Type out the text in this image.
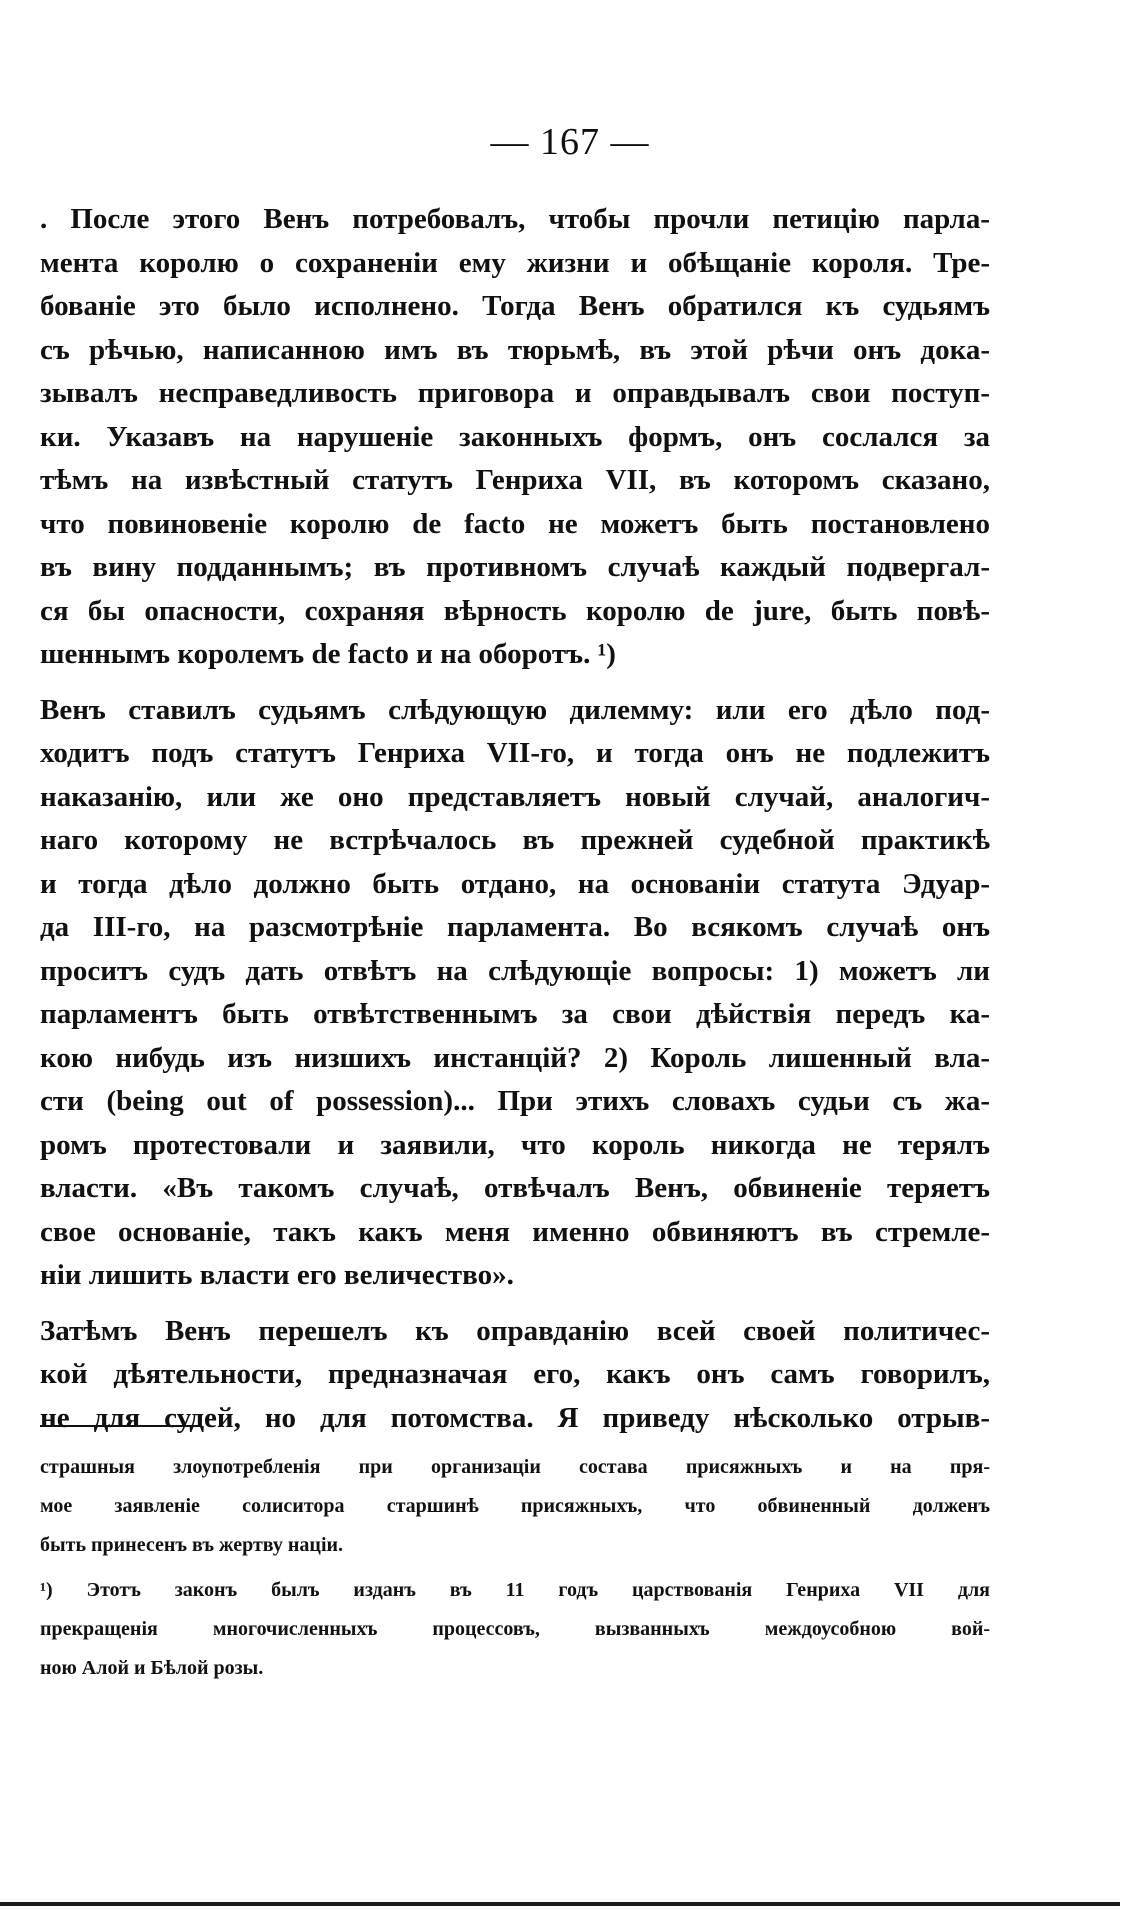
— 167 —
. После этого Венъ потребовалъ, чтобы прочли петицію парла-
мента королю о сохраненіи ему жизни и обѣщаніе короля. Тре-
бованіе это было исполнено. Тогда Венъ обратился къ судьямъ
съ рѣчью, написанною имъ въ тюрьмѣ, въ этой рѣчи онъ дока-
зывалъ несправедливость приговора и оправдывалъ свои поступ-
ки. Указавъ на нарушеніе законныхъ формъ, онъ сослался за
тѣмъ на извѣстный статутъ Генриха VII, въ которомъ сказано,
что повиновеніе королю de facto не можетъ быть постановлено
въ вину подданнымъ; въ противномъ случаѣ каждый подвергал-
ся бы опасности, сохраняя вѣрность королю de jure, быть повѣ-
шеннымъ королемъ de facto и на оборотъ. ¹)
Венъ ставилъ судьямъ слѣдующую дилемму: или его дѣло под-
ходитъ подъ статутъ Генриха VII-го, и тогда онъ не подлежитъ
наказанію, или же оно представляетъ новый случай, аналогич-
наго которому не встрѣчалось въ прежней судебной практикѣ
и тогда дѣло должно быть отдано, на основаніи статута Эдуар-
да III-го, на разсмотрѣніе парламента. Во всякомъ случаѣ онъ
проситъ судъ дать отвѣтъ на слѣдующіе вопросы: 1) можетъ ли
парламентъ быть отвѣтственнымъ за свои дѣйствія передъ ка-
кою нибудь изъ низшихъ инстанцій? 2) Король лишенный вла-
сти (being out of possession)... При этихъ словахъ судьи съ жа-
ромъ протестовали и заявили, что король никогда не терялъ
власти. «Въ такомъ случаѣ, отвѣчалъ Венъ, обвиненіе теряетъ
свое основаніе, такъ какъ меня именно обвиняютъ въ стремле-
ніи лишить власти его величество».
Затѣмъ Венъ перешелъ къ оправданію всей своей политичес-
кой дѣятельности, предназначая его, какъ онъ самъ говорилъ,
не для судей, но для потомства. Я приведу нѣсколько отрыв-
страшныя злоупотребленія при организаціи состава присяжныхъ и на пря-
мое заявленіе солиситора старшинѣ присяжныхъ, что обвиненный долженъ
быть принесенъ въ жертву націи.
¹) Этотъ законъ былъ изданъ въ 11 годъ царствованія Генриха VII для
прекращенія многочисленныхъ процессовъ, вызванныхъ междоусобною вой-
ною Алой и Бѣлой розы.
